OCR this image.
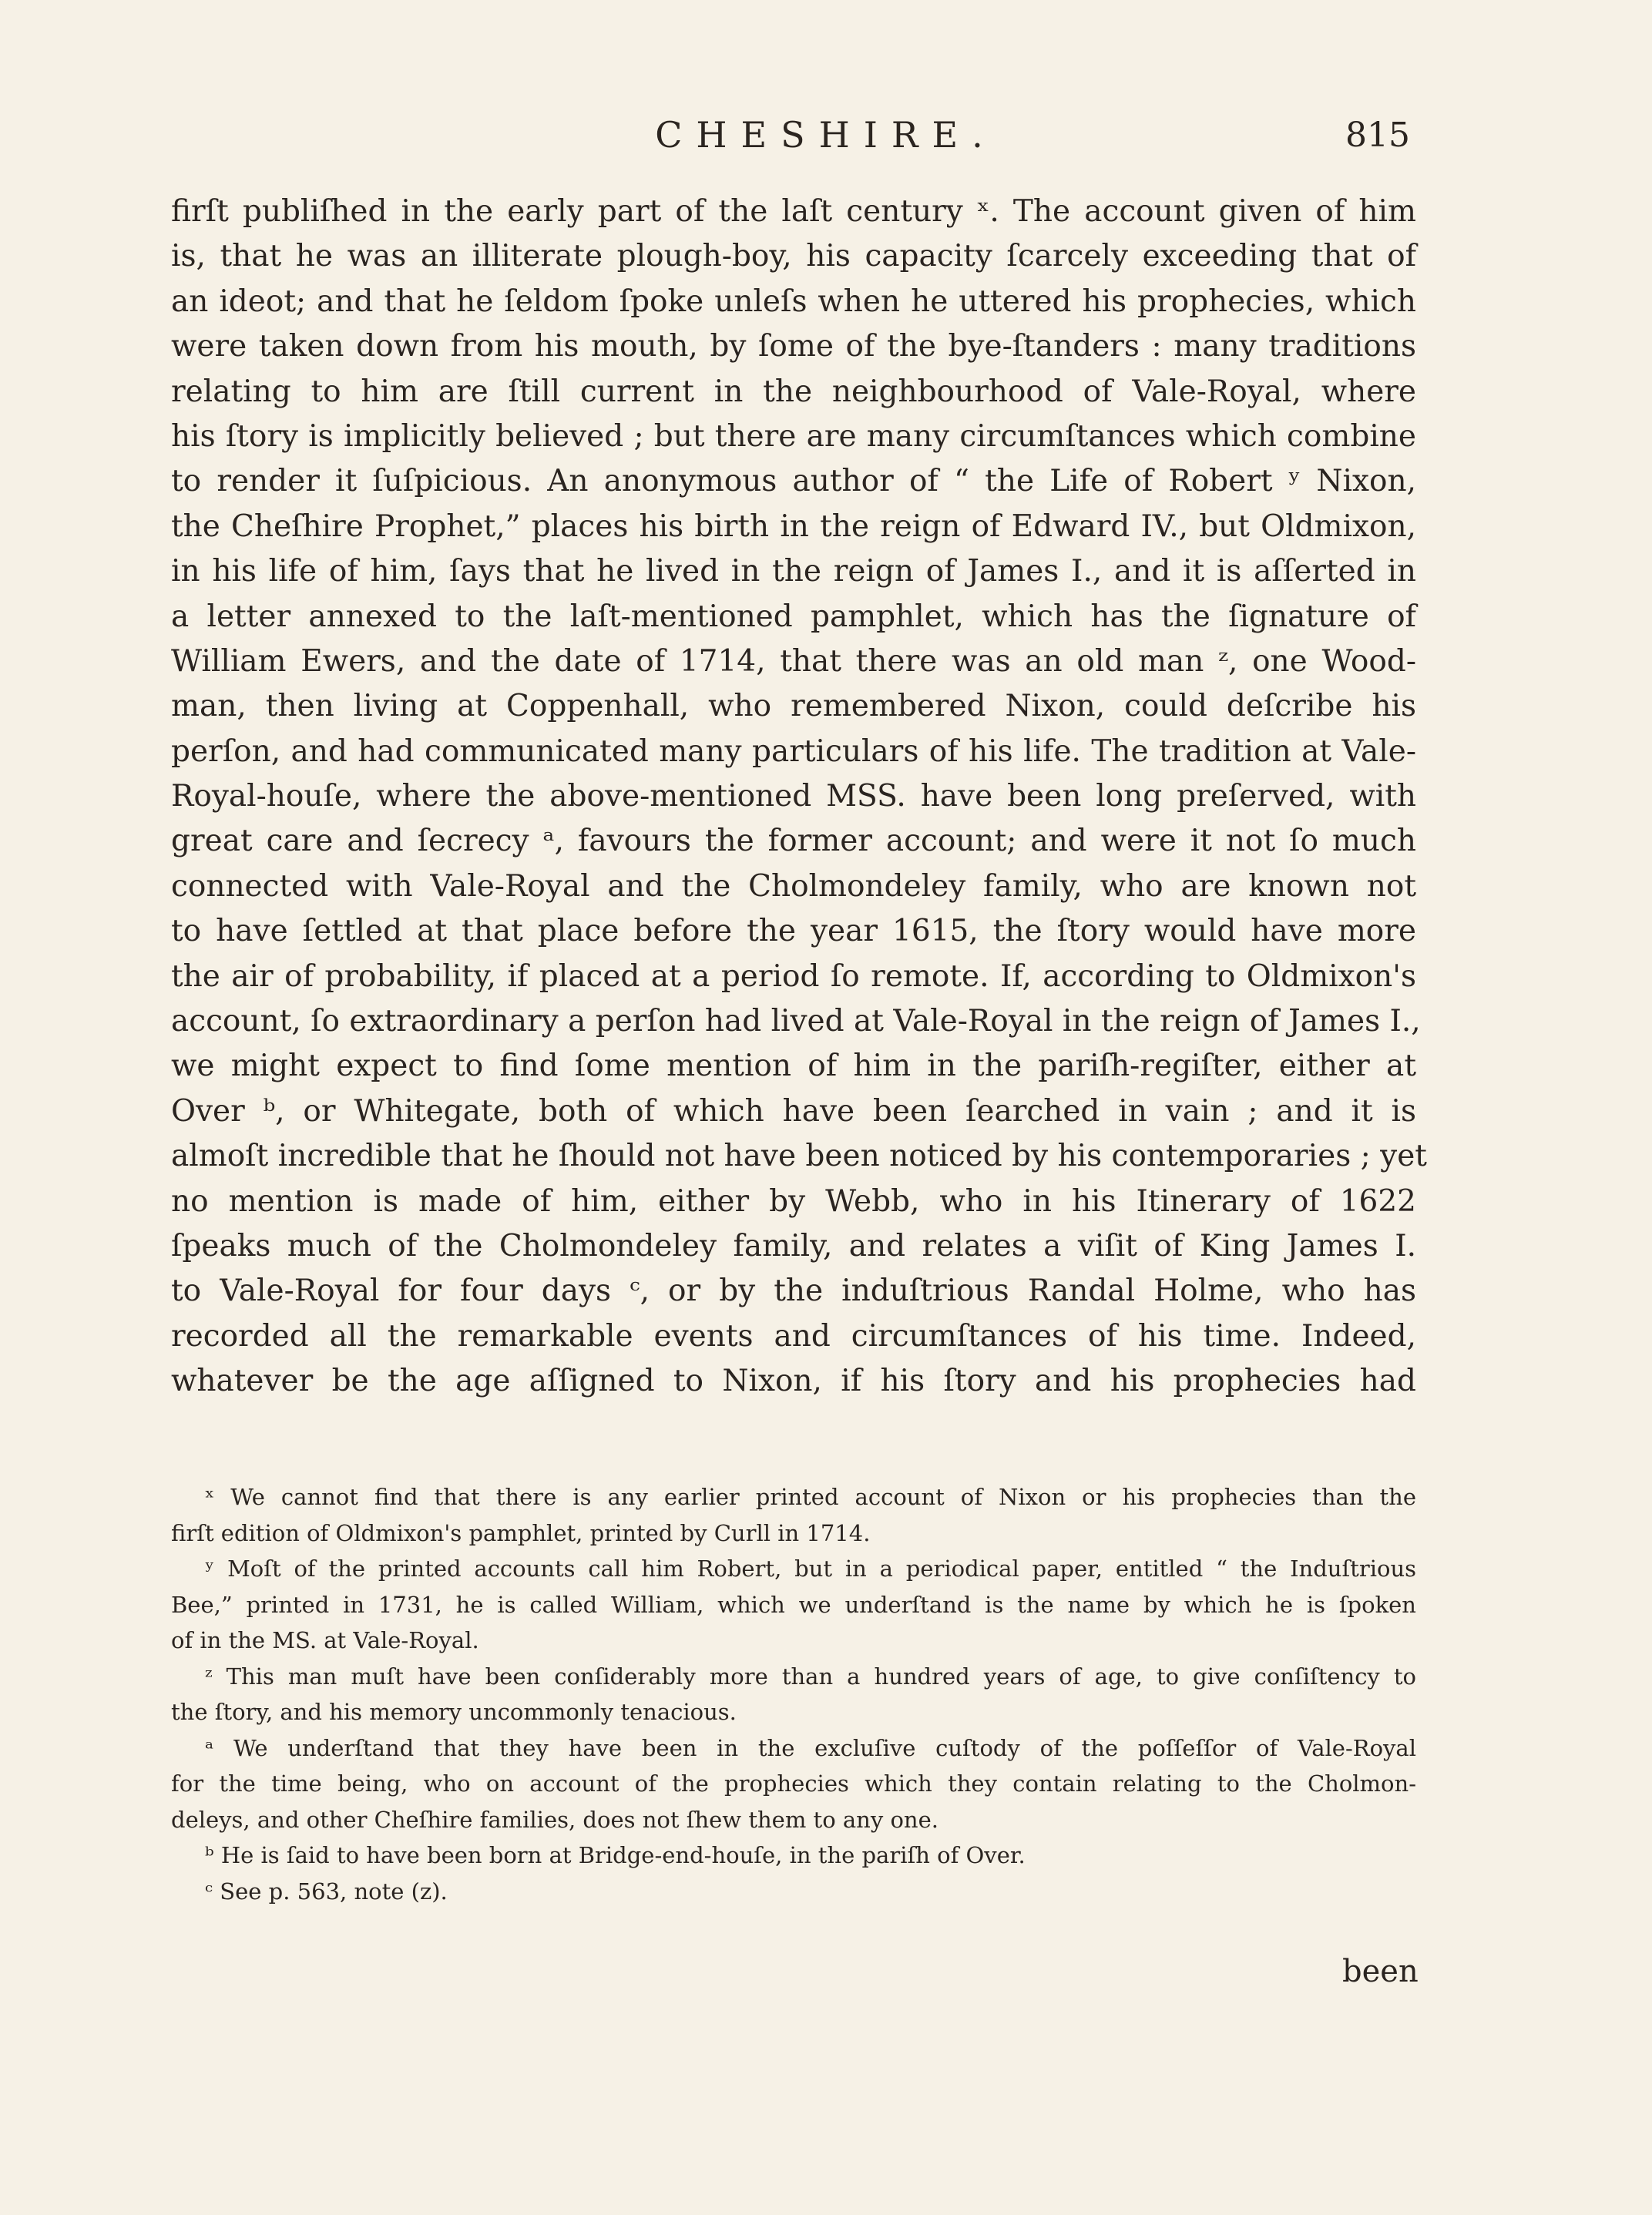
CHESHIRE.	815
firſt publiſhed in the early part of the laſt century ˣ. The account given of him
is, that he was an illiterate plough-boy, his capacity ſcarcely exceeding that of
an ideot; and that he ſeldom ſpoke unleſs when he uttered his prophecies, which
were taken down from his mouth, by ſome of the bye-ſtanders : many traditions
relating to him are ſtill current in the neighbourhood of Vale-Royal, where
his ſtory is implicitly believed ; but there are many circumſtances which combine
to render it ſuſpicious. An anonymous author of “ the Life of Robert ʸ Nixon,
the Cheſhire Prophet,” places his birth in the reign of Edward IV., but Oldmixon,
in his life of him, ſays that he lived in the reign of James I., and it is aſſerted in
a letter annexed to the laſt-mentioned pamphlet, which has the ſignature of
William Ewers, and the date of 1714, that there was an old man ᶻ, one Wood-
man, then living at Coppenhall, who remembered Nixon, could deſcribe his
perſon, and had communicated many particulars of his life. The tradition at Vale-
Royal-houſe, where the above-mentioned MSS. have been long preſerved, with
great care and ſecrecy ᵃ, favours the former account; and were it not ſo much
connected with Vale-Royal and the Cholmondeley family, who are known not
to have ſettled at that place before the year 1615, the ſtory would have more
the air of probability, if placed at a period ſo remote. If, according to Oldmixon's
account, ſo extraordinary a perſon had lived at Vale-Royal in the reign of James I.,
we might expect to find ſome mention of him in the pariſh-regiſter, either at
Over ᵇ, or Whitegate, both of which have been ſearched in vain ; and it is
almoſt incredible that he ſhould not have been noticed by his contemporaries ; yet
no mention is made of him, either by Webb, who in his Itinerary of 1622
ſpeaks much of the Cholmondeley family, and relates a viſit of King James I.
to Vale-Royal for four days ᶜ, or by the induſtrious Randal Holme, who has
recorded all the remarkable events and circumſtances of his time. Indeed,
whatever be the age aſſigned to Nixon, if his ſtory and his prophecies had
ˣ We cannot find that there is any earlier printed account of Nixon or his prophecies than the
firſt edition of Oldmixon's pamphlet, printed by Curll in 1714.
ʸ Moſt of the printed accounts call him Robert, but in a periodical paper, entitled “ the Induſtrious
Bee,” printed in 1731, he is called William, which we underſtand is the name by which he is ſpoken
of in the MS. at Vale-Royal.
ᶻ This man muſt have been conſiderably more than a hundred years of age, to give conſiſtency to
the ſtory, and his memory uncommonly tenacious.
ᵃ We underſtand that they have been in the excluſive cuſtody of the poſſeſſor of Vale-Royal
for the time being, who on account of the prophecies which they contain relating to the Cholmon-
deleys, and other Cheſhire families, does not ſhew them to any one.
ᵇ He is ſaid to have been born at Bridge-end-houſe, in the pariſh of Over.
ᶜ See p. 563, note (z).
been
